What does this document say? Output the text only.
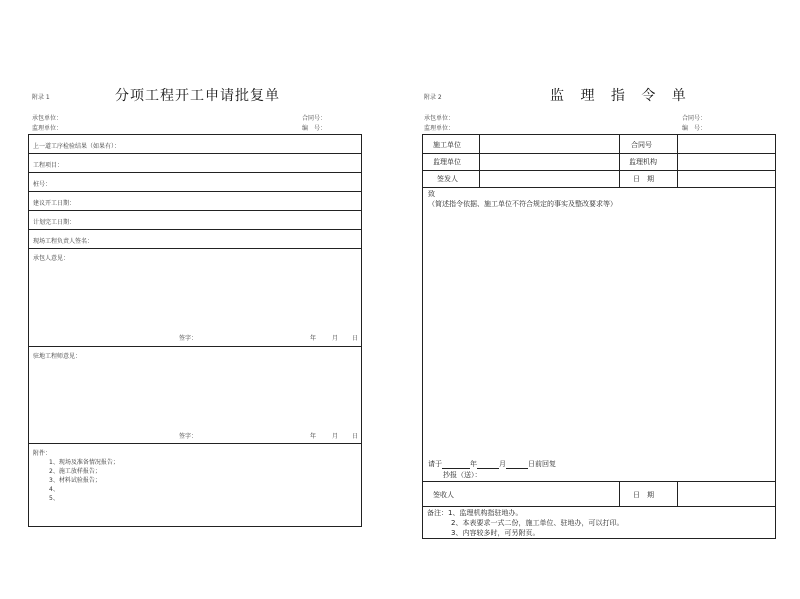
附录 1	分项工程开工申请批复单
承包单位：
监理单位：
合同号：
编　号：
上一道工序检验结果（如果有）：
工程项目：
桩号：
建议开工日期：
计划完工日期：
现场工程负责人签名：
承包人意见：
签字：	年	月 日
驻地工程师意见：
签字：	年	月 日
附件：
1、现场及准备情况报告；
2、施工放样报告；
3、材料试验报告；
4、
5、
附录 2	监 理 指 令 单
承包单位：
监理单位：
合同号：
编　号：
施工单位	合同号
监理单位	监理机构
签发人	日　期
致
（简述指令依据、施工单位不符合规定的事实及整改要求等）
请于	年	月	日前回复
抄报（送）：
签收人	日　期
备注：1、监理机构指驻地办。
2、本表要求一式二份，施工单位、驻地办，可以打印。
3、内容较多时，可另附页。
